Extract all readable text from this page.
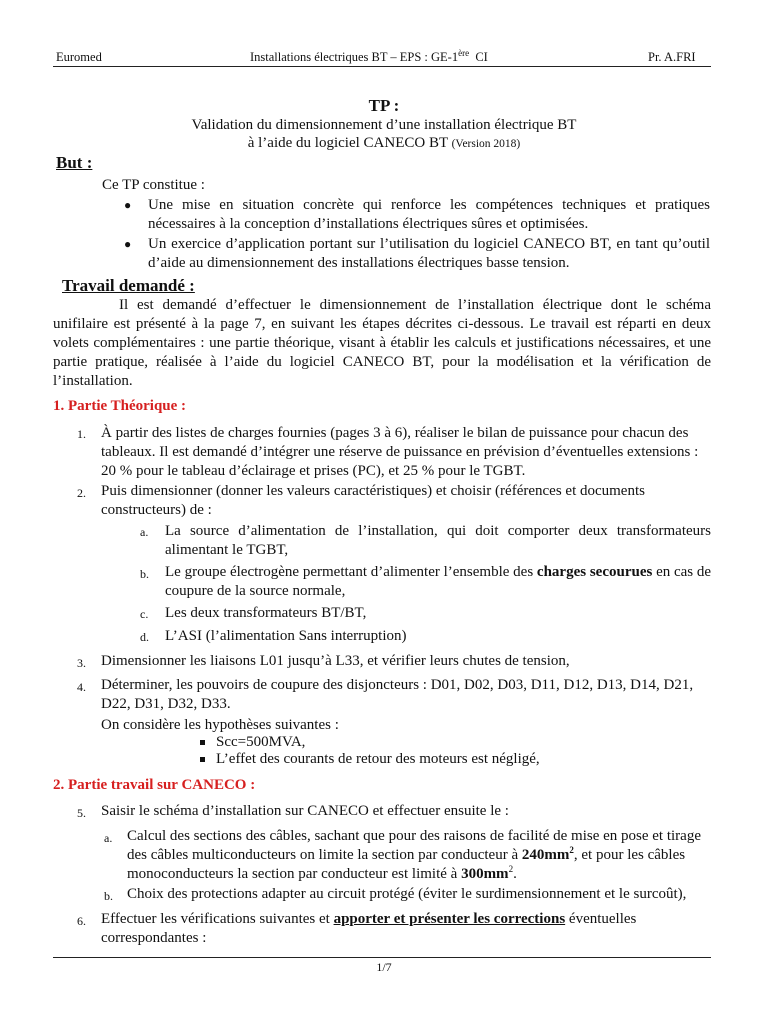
Euromed	Installations électriques BT – EPS : GE-1ère CI	Pr. A.FRI
TP :
Validation du dimensionnement d’une installation électrique BT
à l’aide du logiciel CANECO BT (Version 2018)
But :
Ce TP constitue :
● Une mise en situation concrète qui renforce les compétences techniques et pratiques nécessaires à la conception d’installations électriques sûres et optimisées.
● Un exercice d’application portant sur l’utilisation du logiciel CANECO BT, en tant qu’outil d’aide au dimensionnement des installations électriques basse tension.
Travail demandé :
Il est demandé d’effectuer le dimensionnement de l’installation électrique dont le schéma unifilaire est présenté à la page 7, en suivant les étapes décrites ci-dessous. Le travail est réparti en deux volets complémentaires : une partie théorique, visant à établir les calculs et justifications nécessaires, et une partie pratique, réalisée à l’aide du logiciel CANECO BT, pour la modélisation et la vérification de l’installation.
1. Partie Théorique :
1. À partir des listes de charges fournies (pages 3 à 6), réaliser le bilan de puissance pour chacun des tableaux. Il est demandé d’intégrer une réserve de puissance en prévision d’éventuelles extensions : 20 % pour le tableau d’éclairage et prises (PC), et 25 % pour le TGBT.
2. Puis dimensionner (donner les valeurs caractéristiques) et choisir (références et documents constructeurs) de :
a. La source d’alimentation de l’installation, qui doit comporter deux transformateurs alimentant le TGBT,
b. Le groupe électrogène permettant d’alimenter l’ensemble des charges secourues en cas de coupure de la source normale,
c. Les deux transformateurs BT/BT,
d. L’ASI (l’alimentation Sans interruption)
3. Dimensionner les liaisons L01 jusqu’à L33, et vérifier leurs chutes de tension,
4. Déterminer, les pouvoirs de coupure des disjoncteurs : D01, D02, D03, D11, D12, D13, D14, D21, D22, D31, D32, D33.
On considère les hypothèses suivantes :
Scc=500MVA,
L’effet des courants de retour des moteurs est négligé,
2. Partie travail sur CANECO :
5. Saisir le schéma d’installation sur CANECO et effectuer ensuite le :
a. Calcul des sections des câbles, sachant que pour des raisons de facilité de mise en pose et tirage des câbles multiconducteurs on limite la section par conducteur à $240mm^2$, et pour les câbles monoconducteurs la section par conducteur est limité à $300mm^2$.
b. Choix des protections adapter au circuit protégé (éviter le surdimensionnement et le surcoût),
6. Effectuer les vérifications suivantes et apporter et présenter les corrections éventuelles correspondantes :
1/7
